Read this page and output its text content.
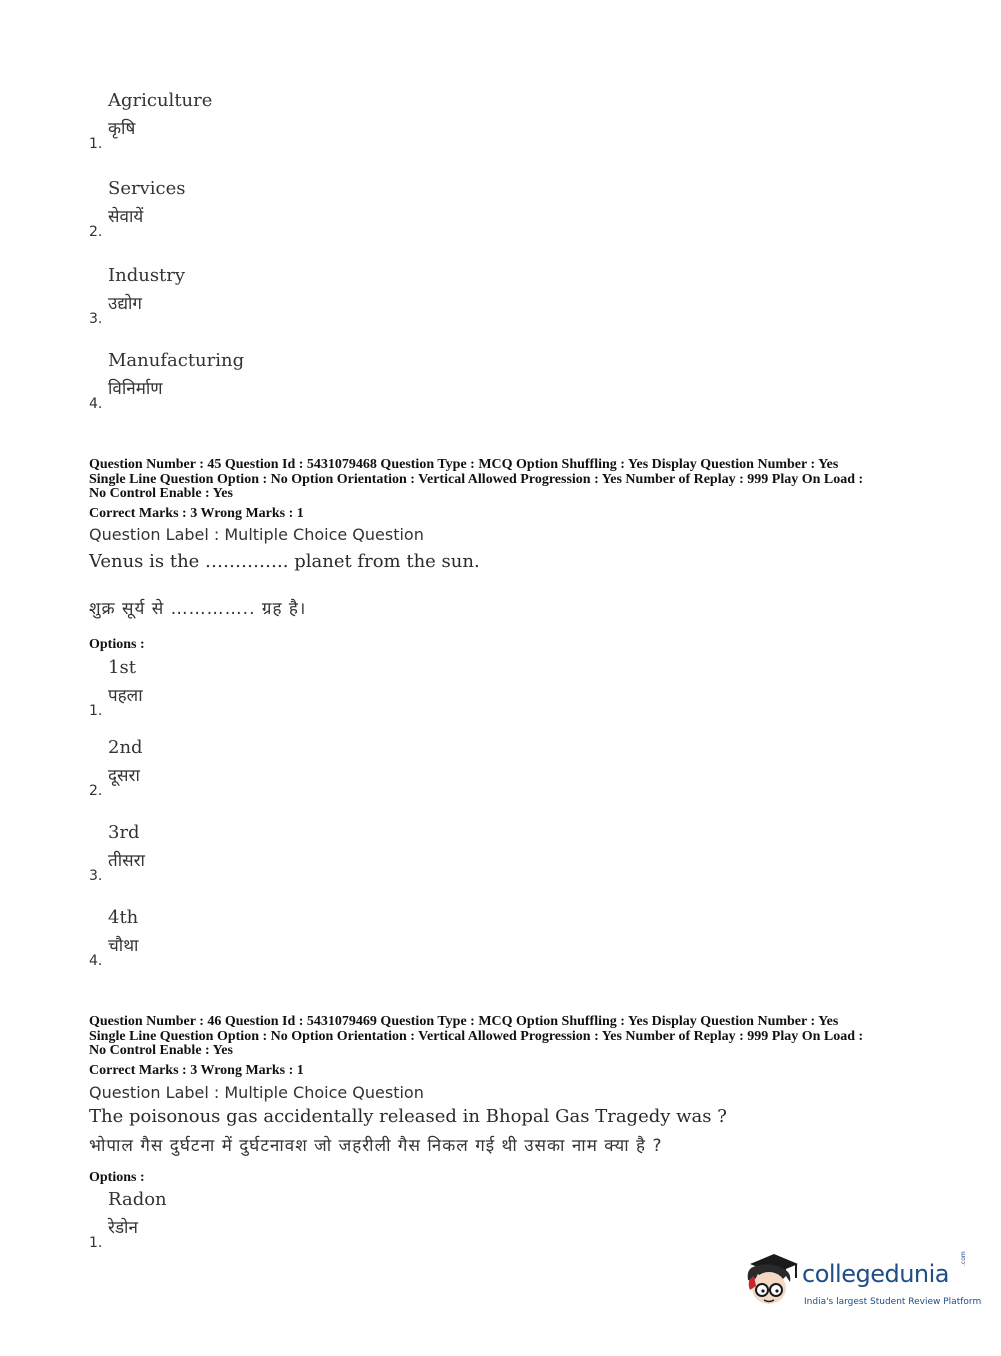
Agriculture
कृषि
1.
Services
सेवायें
2.
Industry
उद्योग
3.
Manufacturing
विनिर्माण
4.
Question Number : 45 Question Id : 5431079468 Question Type : MCQ Option Shuffling : Yes Display Question Number : Yes
Single Line Question Option : No Option Orientation : Vertical Allowed Progression : Yes Number of Replay : 999 Play On Load :
No Control Enable : Yes
Correct Marks : 3 Wrong Marks : 1
Question Label : Multiple Choice Question
Venus is the ………….. planet from the sun.
शुक्र सूर्य से ………….. ग्रह है।
Options :
1st
पहला
1.
2nd
दूसरा
2.
3rd
तीसरा
3.
4th
चौथा
4.
Question Number : 46 Question Id : 5431079469 Question Type : MCQ Option Shuffling : Yes Display Question Number : Yes
Single Line Question Option : No Option Orientation : Vertical Allowed Progression : Yes Number of Replay : 999 Play On Load :
No Control Enable : Yes
Correct Marks : 3 Wrong Marks : 1
Question Label : Multiple Choice Question
The poisonous gas accidentally released in Bhopal Gas Tragedy was ?
भोपाल गैस दुर्घटना में दुर्घटनावश जो जहरीली गैस निकल गई थी उसका नाम क्या है ?
Options :
Radon
रेडोन
1.
collegedunia
.com
India's largest Student Review Platform
